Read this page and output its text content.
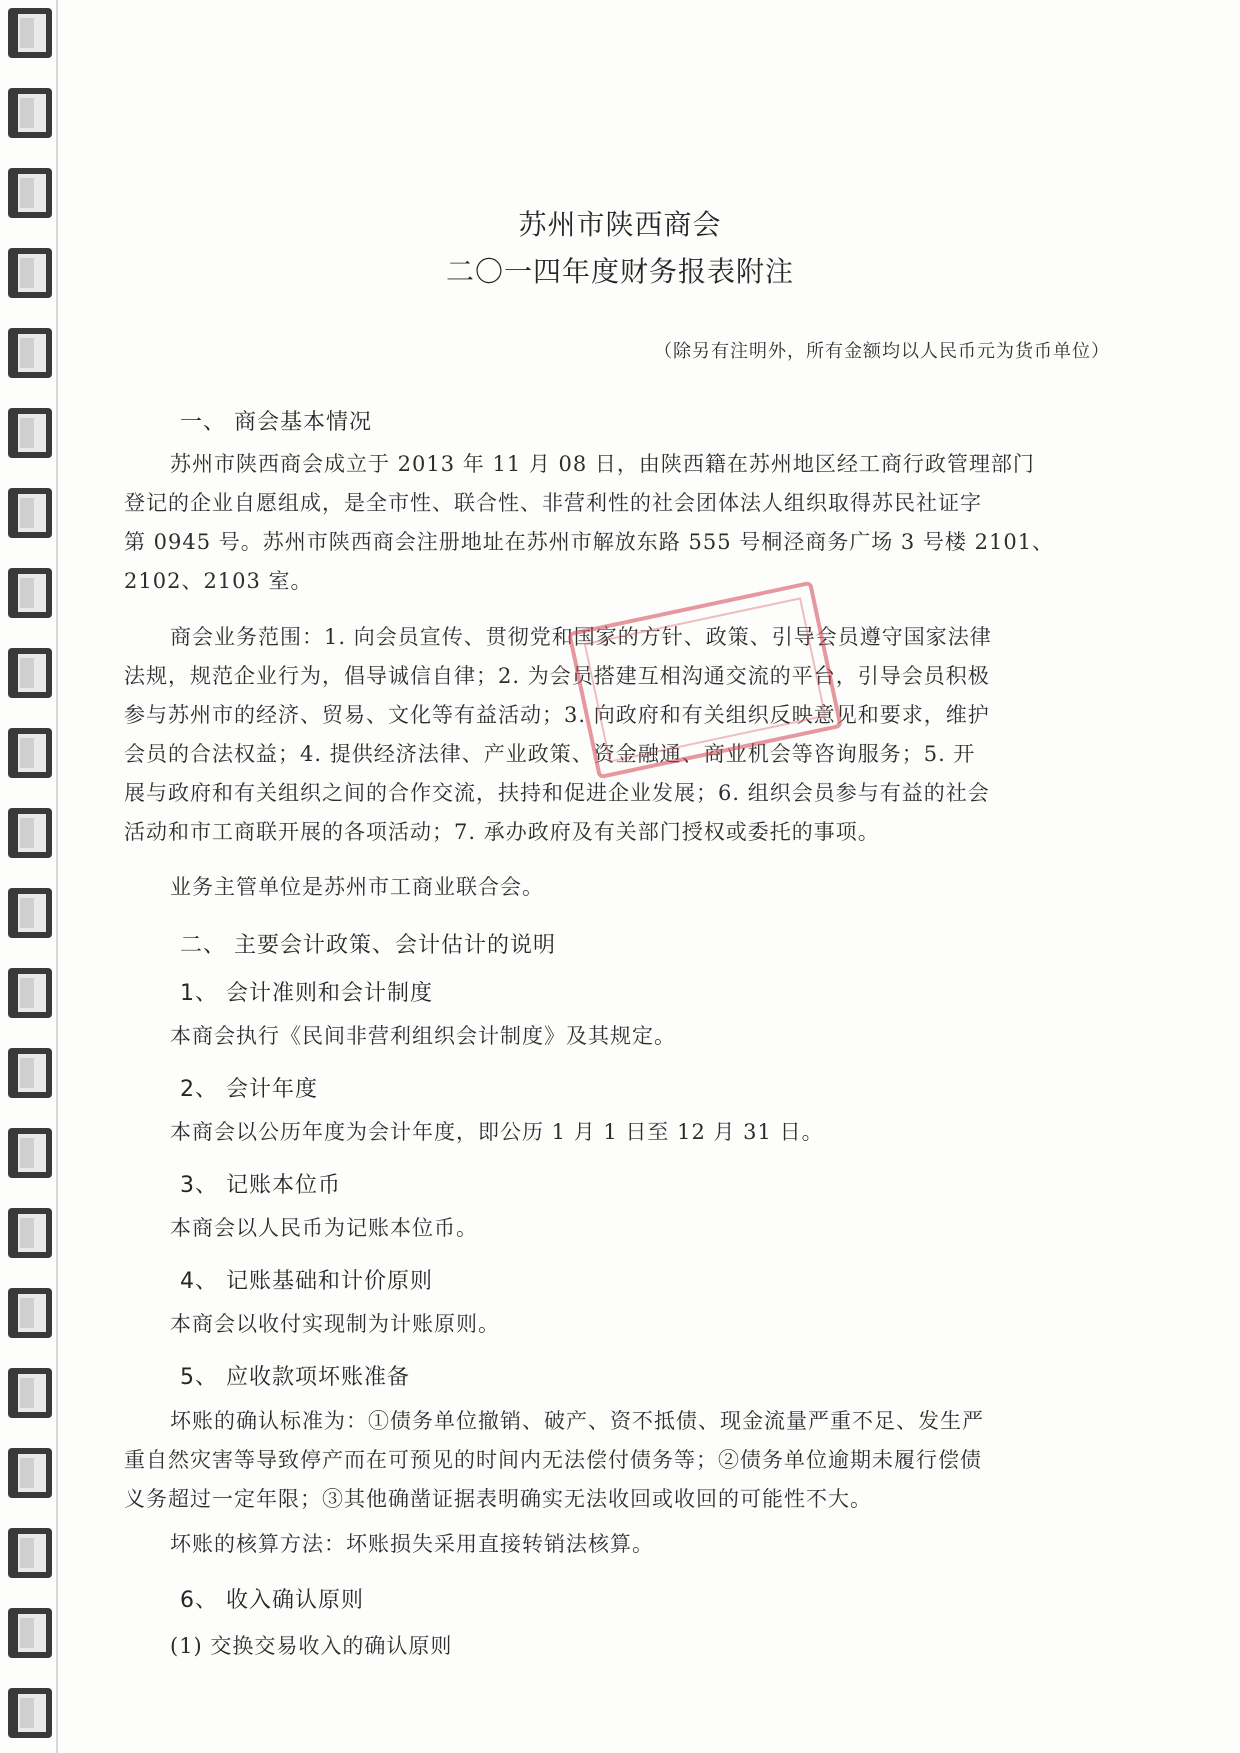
苏州市陕西商会
二〇一四年度财务报表附注
（除另有注明外，所有金额均以人民币元为货币单位）
一、 商会基本情况
苏州市陕西商会成立于 2013 年 11 月 08 日，由陕西籍在苏州地区经工商行政管理部门
登记的企业自愿组成，是全市性、联合性、非营利性的社会团体法人组织取得苏民社证字
第 0945 号。苏州市陕西商会注册地址在苏州市解放东路 555 号桐泾商务广场 3 号楼 2101、
2102、2103 室。
商会业务范围：1. 向会员宣传、贯彻党和国家的方针、政策、引导会员遵守国家法律
法规，规范企业行为，倡导诚信自律；2. 为会员搭建互相沟通交流的平台，引导会员积极
参与苏州市的经济、贸易、文化等有益活动；3. 向政府和有关组织反映意见和要求，维护
会员的合法权益；4. 提供经济法律、产业政策、资金融通、商业机会等咨询服务；5. 开
展与政府和有关组织之间的合作交流，扶持和促进企业发展；6. 组织会员参与有益的社会
活动和市工商联开展的各项活动；7. 承办政府及有关部门授权或委托的事项。
业务主管单位是苏州市工商业联合会。
二、 主要会计政策、会计估计的说明
1、 会计准则和会计制度
本商会执行《民间非营利组织会计制度》及其规定。
2、 会计年度
本商会以公历年度为会计年度，即公历 1 月 1 日至 12 月 31 日。
3、 记账本位币
本商会以人民币为记账本位币。
4、 记账基础和计价原则
本商会以收付实现制为计账原则。
5、 应收款项坏账准备
坏账的确认标准为：①债务单位撤销、破产、资不抵债、现金流量严重不足、发生严
重自然灾害等导致停产而在可预见的时间内无法偿付债务等；②债务单位逾期未履行偿债
义务超过一定年限；③其他确凿证据表明确实无法收回或收回的可能性不大。
坏账的核算方法：坏账损失采用直接转销法核算。
6、 收入确认原则
(1) 交换交易收入的确认原则
